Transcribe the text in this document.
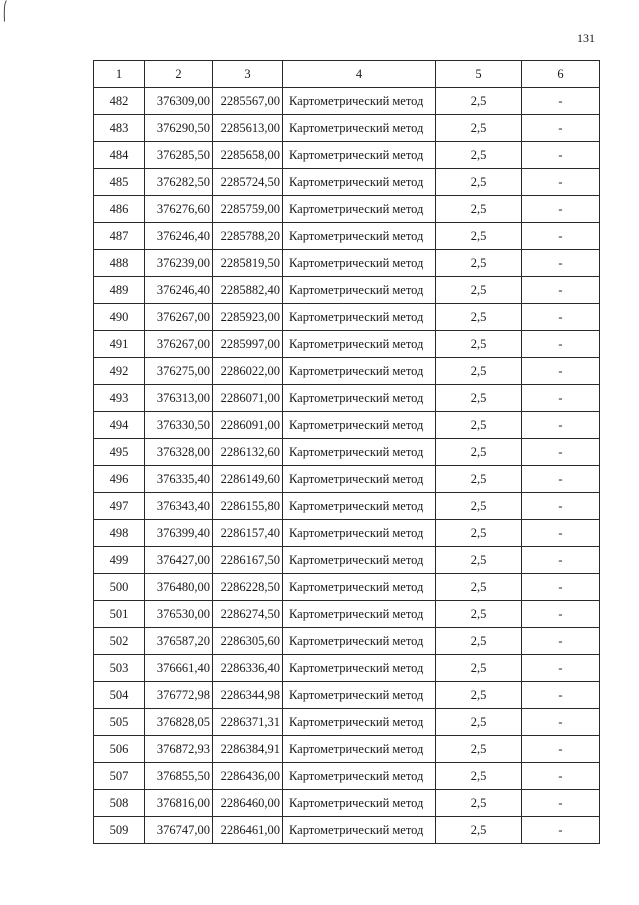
131
1	2	3	4	5	6
482	376309,00	2285567,00	Картометрический метод	2,5	-
483	376290,50	2285613,00	Картометрический метод	2,5	-
484	376285,50	2285658,00	Картометрический метод	2,5	-
485	376282,50	2285724,50	Картометрический метод	2,5	-
486	376276,60	2285759,00	Картометрический метод	2,5	-
487	376246,40	2285788,20	Картометрический метод	2,5	-
488	376239,00	2285819,50	Картометрический метод	2,5	-
489	376246,40	2285882,40	Картометрический метод	2,5	-
490	376267,00	2285923,00	Картометрический метод	2,5	-
491	376267,00	2285997,00	Картометрический метод	2,5	-
492	376275,00	2286022,00	Картометрический метод	2,5	-
493	376313,00	2286071,00	Картометрический метод	2,5	-
494	376330,50	2286091,00	Картометрический метод	2,5	-
495	376328,00	2286132,60	Картометрический метод	2,5	-
496	376335,40	2286149,60	Картометрический метод	2,5	-
497	376343,40	2286155,80	Картометрический метод	2,5	-
498	376399,40	2286157,40	Картометрический метод	2,5	-
499	376427,00	2286167,50	Картометрический метод	2,5	-
500	376480,00	2286228,50	Картометрический метод	2,5	-
501	376530,00	2286274,50	Картометрический метод	2,5	-
502	376587,20	2286305,60	Картометрический метод	2,5	-
503	376661,40	2286336,40	Картометрический метод	2,5	-
504	376772,98	2286344,98	Картометрический метод	2,5	-
505	376828,05	2286371,31	Картометрический метод	2,5	-
506	376872,93	2286384,91	Картометрический метод	2,5	-
507	376855,50	2286436,00	Картометрический метод	2,5	-
508	376816,00	2286460,00	Картометрический метод	2,5	-
509	376747,00	2286461,00	Картометрический метод	2,5	-
